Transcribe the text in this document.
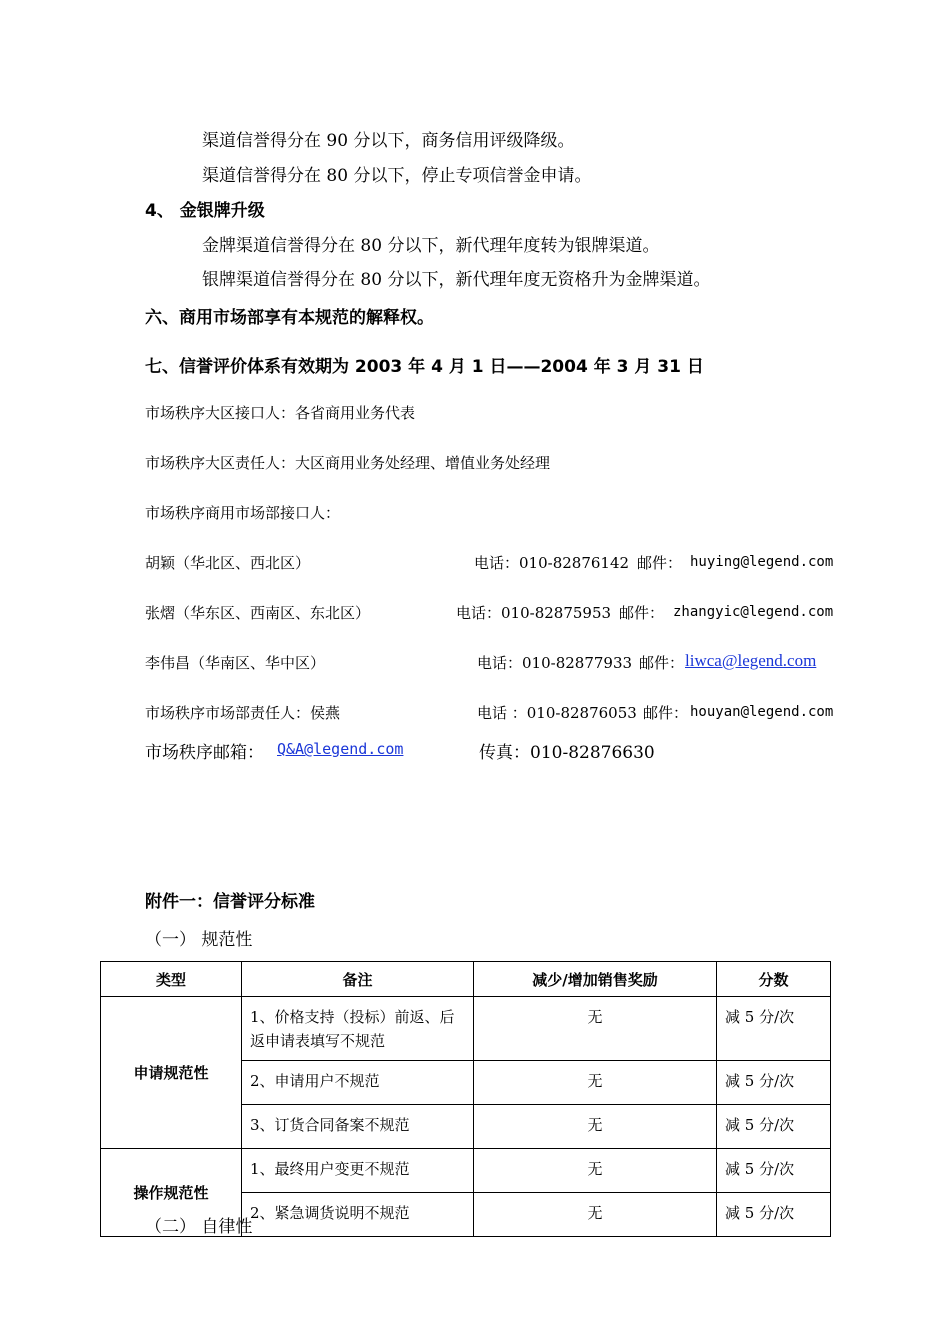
渠道信誉得分在 90 分以下，商务信用评级降级。
渠道信誉得分在 80 分以下，停止专项信誉金申请。
4、 金银牌升级
金牌渠道信誉得分在 80 分以下，新代理年度转为银牌渠道。
银牌渠道信誉得分在 80 分以下，新代理年度无资格升为金牌渠道。
六、商用市场部享有本规范的解释权。
七、信誉评价体系有效期为 2003 年 4 月 1 日——2004 年 3 月 31 日
市场秩序大区接口人：各省商用业务代表
市场秩序大区责任人：大区商用业务处经理、增值业务处经理
市场秩序商用市场部接口人：
胡颖（华北区、西北区）	电话：010-82876142 邮件： huying@legend.com
张熠（华东区、西南区、东北区）	电话：010-82875953 邮件： zhangyic@legend.com
李伟昌（华南区、华中区）	电话：010-82877933 邮件： liwca@legend.com
市场秩序市场部责任人：侯燕	电话 ：010-82876053 邮件： houyan@legend.com
市场秩序邮箱： Q&A@legend.com	传真：010-82876630
附件一：信誉评分标准
（一） 规范性
类型	备注	减少/增加销售奖励	分数
申请规范性	1、价格支持（投标）前返、后返申请表填写不规范	无	减 5 分/次
	2、申请用户不规范	无	减 5 分/次
	3、订货合同备案不规范	无	减 5 分/次
操作规范性	1、最终用户变更不规范	无	减 5 分/次
	2、紧急调货说明不规范	无	减 5 分/次
（二） 自律性
